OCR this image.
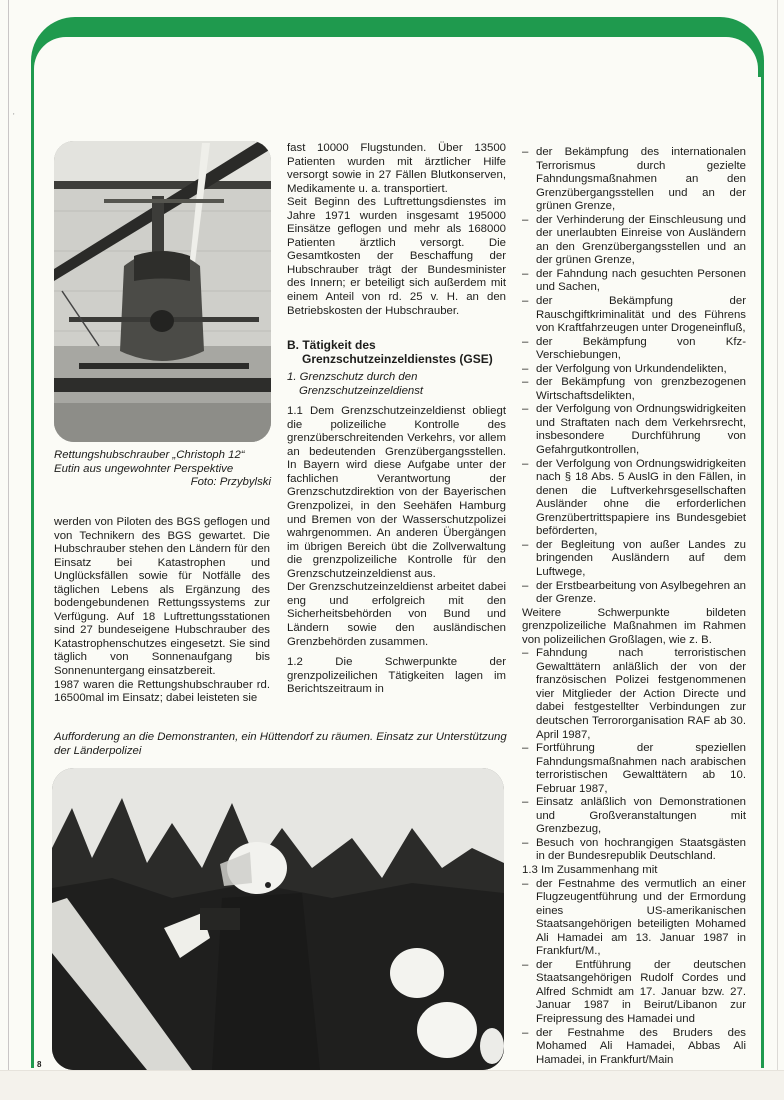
'
Rettungshubschrauber „Christoph 12“ Eutin aus ungewohnter Perspektive
Foto: Przybylski

werden von Piloten des BGS geflogen und von Technikern des BGS gewartet. Die Hubschrauber stehen den Ländern für den Einsatz bei Katastrophen und Unglücksfällen sowie für Notfälle des täglichen Lebens als Ergänzung des bodengebundenen Rettungssystems zur Verfügung. Auf 18 Luftrettungsstationen sind 27 bundeseigene Hubschrauber des Katastrophenschutzes eingesetzt. Sie sind täglich von Sonnenaufgang bis Sonnenuntergang einsatzbereit.

1987 waren die Rettungshubschrauber rd. 16500mal im Einsatz; dabei leisteten sie

fast 10000 Flugstunden. Über 13500 Patienten wurden mit ärztlicher Hilfe versorgt sowie in 27 Fällen Blutkonserven, Medikamente u. a. transportiert.

Seit Beginn des Luftrettungsdienstes im Jahre 1971 wurden insgesamt 195000 Einsätze geflogen und mehr als 168000 Patienten ärztlich versorgt. Die Gesamtkosten der Beschaffung der Hubschrauber trägt der Bundesminister des Innern; er beteiligt sich außerdem mit einem Anteil von rd. 25 v. H. an den Betriebskosten der Hubschrauber.

B. Tätigkeit des Grenzschutzeinzeldienstes (GSE)

1. Grenzschutz durch den Grenzschutzeinzeldienst

1.1 Dem Grenzschutzeinzeldienst obliegt die polizeiliche Kontrolle des grenzüberschreitenden Verkehrs, vor allem an bedeutenden Grenzübergangsstellen. In Bayern wird diese Aufgabe unter der fachlichen Verantwortung der Grenzschutzdirektion von der Bayerischen Grenzpolizei, in den Seehäfen Hamburg und Bremen von der Wasserschutzpolizei wahrgenommen. An anderen Übergängen im übrigen Bereich übt die Zollverwaltung die grenzpolizeiliche Kontrolle für den Grenzschutzeinzeldienst aus.

Der Grenzschutzeinzeldienst arbeitet dabei eng und erfolgreich mit den Sicherheitsbehörden von Bund und Ländern sowie den ausländischen Grenzbehörden zusammen.

1.2 Die Schwerpunkte der grenzpolizeilichen Tätigkeiten lagen im Berichtszeitraum in

– der Bekämpfung des internationalen Terrorismus durch gezielte Fahndungsmaßnahmen an den Grenzübergangsstellen und an der grünen Grenze,
– der Verhinderung der Einschleusung und der unerlaubten Einreise von Ausländern an den Grenzübergangsstellen und an der grünen Grenze,
– der Fahndung nach gesuchten Personen und Sachen,
– der Bekämpfung der Rauschgiftkriminalität und des Führens von Kraftfahrzeugen unter Drogeneinfluß,
– der Bekämpfung von Kfz-Verschiebungen,
– der Verfolgung von Urkundendelikten,
– der Bekämpfung von grenzbezogenen Wirtschaftsdelikten,
– der Verfolgung von Ordnungswidrigkeiten und Straftaten nach dem Verkehrsrecht, insbesondere Durchführung von Gefahrgutkontrollen,
– der Verfolgung von Ordnungswidrigkeiten nach § 18 Abs. 5 AuslG in den Fällen, in denen die Luftverkehrsgesellschaften Ausländer ohne die erforderlichen Grenzübertrittspapiere ins Bundesgebiet beförderten,
– der Begleitung von außer Landes zu bringenden Ausländern auf dem Luftwege,
– der Erstbearbeitung von Asylbegehren an der Grenze.

Weitere Schwerpunkte bildeten grenzpolizeiliche Maßnahmen im Rahmen von polizeilichen Großlagen, wie z. B.

– Fahndung nach terroristischen Gewalttätern anläßlich der von der französischen Polizei festgenommenen vier Mitglieder der Action Directe und dabei festgestellter Verbindungen zur deutschen Terrororganisation RAF ab 30. April 1987,
– Fortführung der speziellen Fahndungsmaßnahmen nach arabischen terroristischen Gewalttätern ab 10. Februar 1987,
– Einsatz anläßlich von Demonstrationen und Großveranstaltungen mit Grenzbezug,
– Besuch von hochrangigen Staatsgästen in der Bundesrepublik Deutschland.

1.3 Im Zusammenhang mit

– der Festnahme des vermutlich an einer Flugzeugentführung und der Ermordung eines US-amerikanischen Staatsangehörigen beteiligten Mohamed Ali Hamadei am 13. Januar 1987 in Frankfurt/M.,
– der Entführung der deutschen Staatsangehörigen Rudolf Cordes und Alfred Schmidt am 17. Januar bzw. 27. Januar 1987 in Beirut/Libanon zur Freipressung des Hamadei und
– der Festnahme des Bruders des Mohamed Ali Hamadei, Abbas Ali Hamadei, in Frankfurt/Main
Aufforderung an die Demonstranten, ein Hüttendorf zu räumen. Einsatz zur Unterstützung der Länderpolizei
8
